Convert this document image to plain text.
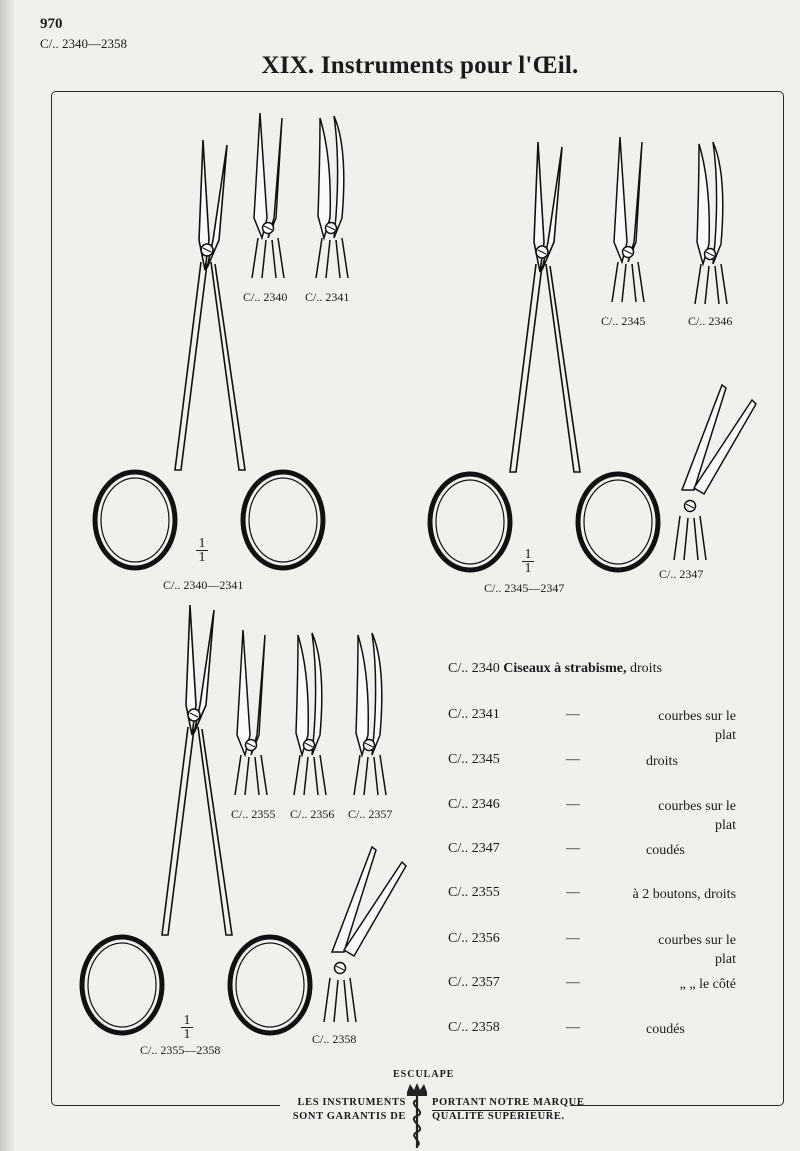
970
C/.. 2340—2358
XIX. Instruments pour l'Œil.
C/.. 2340 C/.. 2341
C/.. 2340—2341
1
1
C/.. 2345	C/.. 2346
C/.. 2347
C/.. 2345—2347
1
1
C/.. 2355 C/.. 2356 C/.. 2357
C/.. 2358
C/.. 2355—2358
1
1
C/.. 2340 Ciseaux à strabisme, droits
C/.. 2341	—	courbes sur le plat
C/.. 2345	—	droits
C/.. 2346	—	courbes sur le plat
C/.. 2347	—	coudés
C/.. 2355	—	à 2 boutons, droits
C/.. 2356	—	courbes sur le plat
C/.. 2357	—	„ „ le côté
C/.. 2358	—	coudés
ESCULAPE
LES INSTRUMENTS
SONT GARANTIS DE
PORTANT NOTRE MARQUE
QUALITÉ SUPÉRIEURE.
